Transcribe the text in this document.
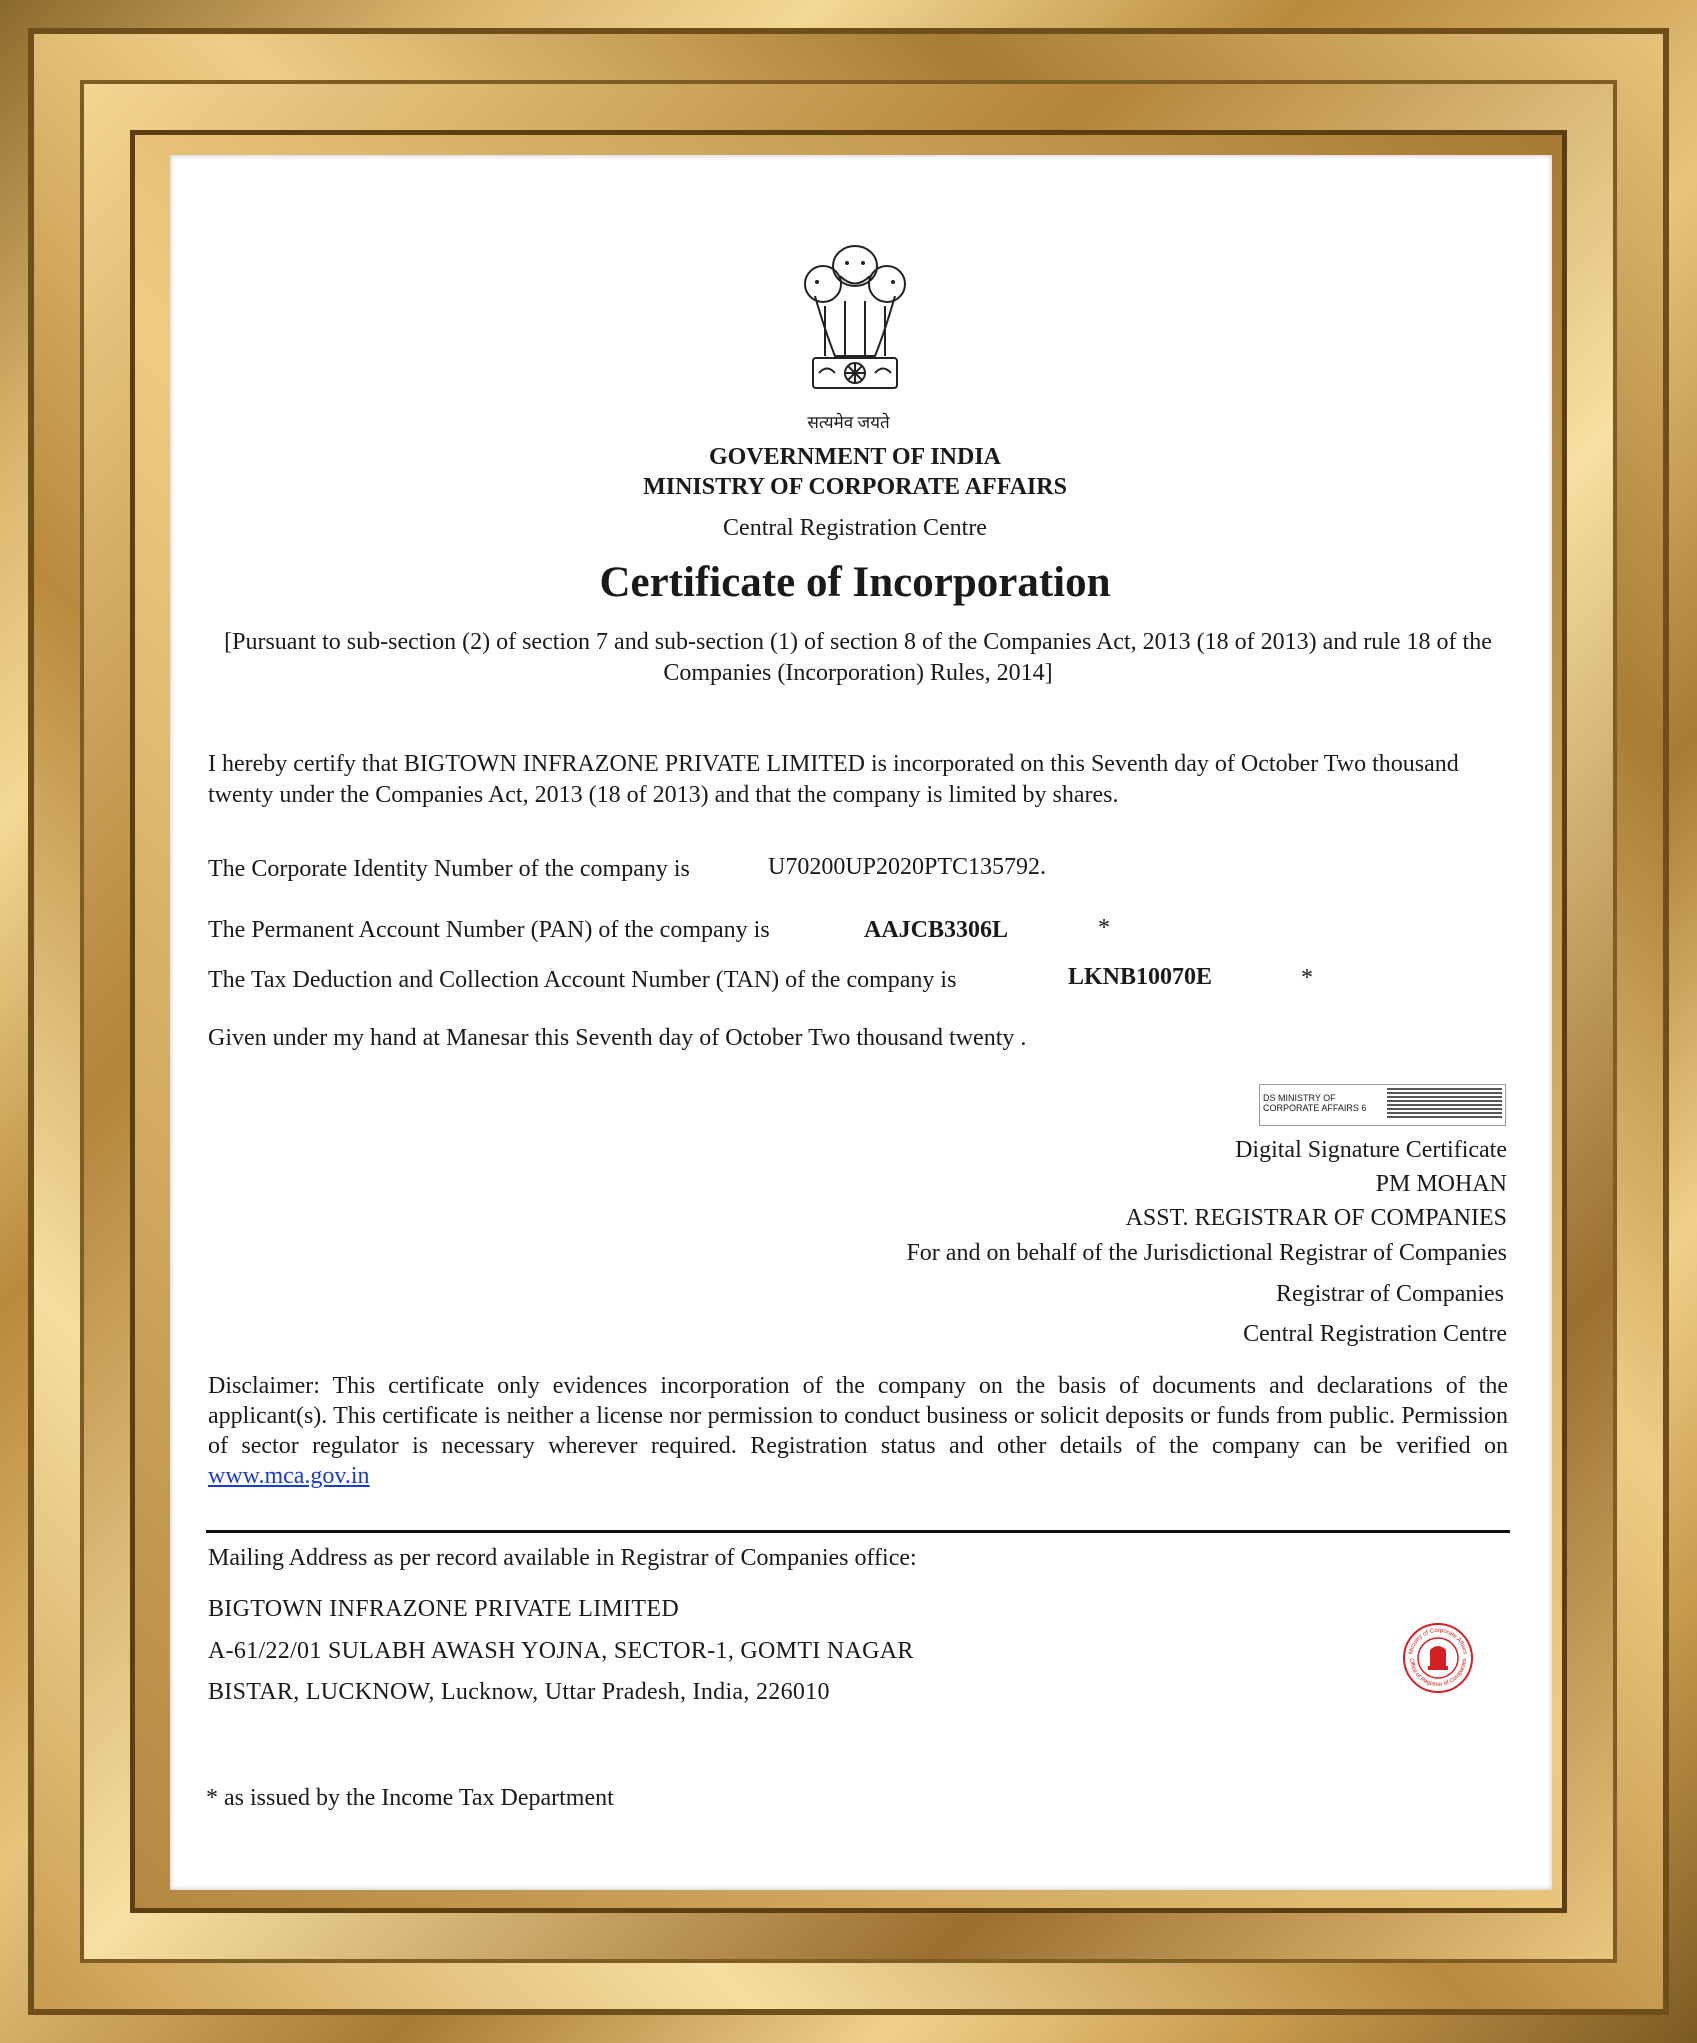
सत्यमेव जयते
GOVERNMENT OF INDIA
MINISTRY OF CORPORATE AFFAIRS
Central Registration Centre
Certificate of Incorporation
[Pursuant to sub-section (2) of section 7 and sub-section (1) of section 8 of the Companies Act, 2013 (18 of 2013) and rule 18 of the Companies (Incorporation) Rules, 2014]
I hereby certify that BIGTOWN INFRAZONE PRIVATE LIMITED is incorporated on this Seventh day of October Two thousand twenty under the Companies Act, 2013 (18 of 2013) and that the company is limited by shares.
The Corporate Identity Number of the company is	U70200UP2020PTC135792.
The Permanent Account Number (PAN) of the company is	AAJCB3306L	*
The Tax Deduction and Collection Account Number (TAN) of the company is	LKNB10070E	*
Given under my hand at Manesar this Seventh day of October Two thousand twenty .
DS MINISTRY OF
CORPORATE AFFAIRS 6
Digital Signature Certificate
PM MOHAN
ASST. REGISTRAR OF COMPANIES
For and on behalf of the Jurisdictional Registrar of Companies
Registrar of Companies
Central Registration Centre
Disclaimer: This certificate only evidences incorporation of the company on the basis of documents and declarations of the applicant(s). This certificate is neither a license nor permission to conduct business or solicit deposits or funds from public. Permission of sector regulator is necessary wherever required. Registration status and other details of the company can be verified on www.mca.gov.in
Mailing Address as per record available in Registrar of Companies office:
BIGTOWN INFRAZONE PRIVATE LIMITED
A-61/22/01 SULABH AWASH YOJNA, SECTOR-1, GOMTI NAGAR
BISTAR, LUCKNOW, Lucknow, Uttar Pradesh, India, 226010
Ministry of Corporate Affairs
Office of Registrar of Companies
* as issued by the Income Tax Department
